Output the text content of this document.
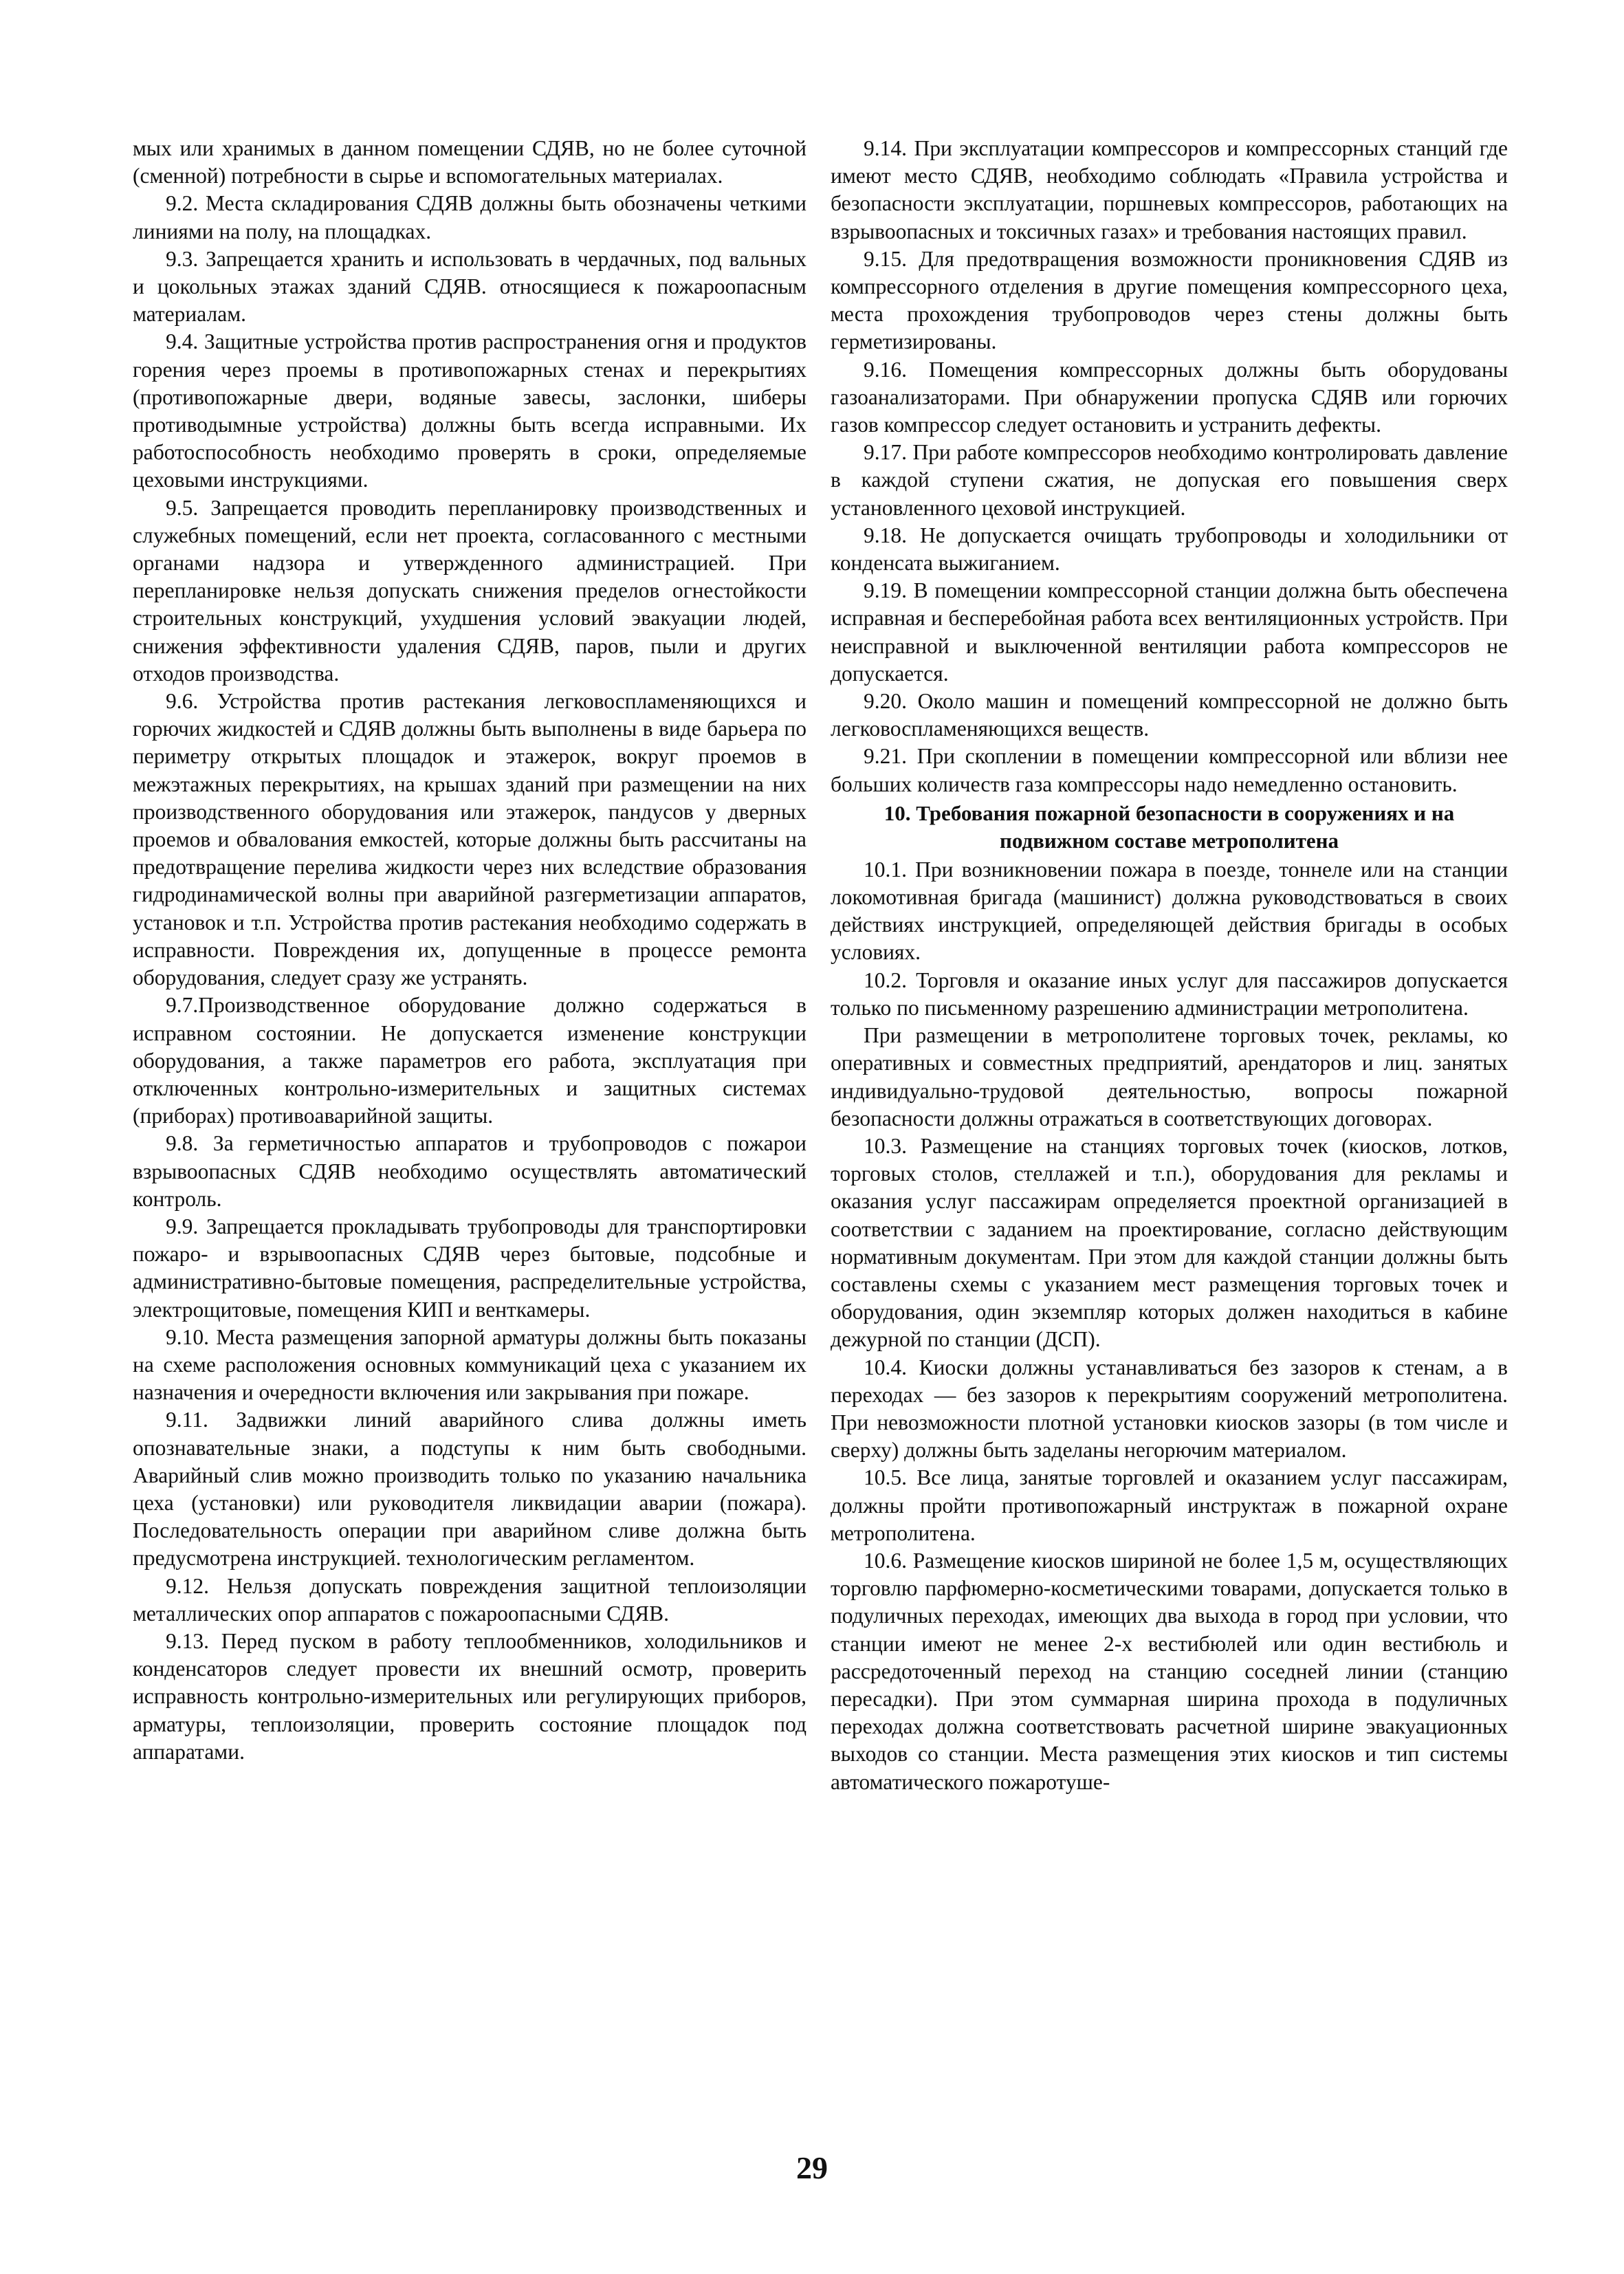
мых или хранимых в данном помещении СДЯВ, но не более суточной (сменной) потребности в сырье и вспомогательных материалах.

9.2. Места складирования СДЯВ должны быть обозначены четкими линиями на полу, на площадках.

9.3. Запрещается хранить и использовать в чердачных, под вальных и цокольных этажах зданий СДЯВ. относящиеся к пожароопасным материалам.

9.4. Защитные устройства против распространения огня и продуктов горения через проемы в противопожарных стенах и перекрытиях (противопожарные двери, водяные завесы, заслонки, шиберы противодымные устройства) должны быть всегда исправными. Их работоспособность необходимо проверять в сроки, определяемые цеховыми инструкциями.

9.5. Запрещается проводить перепланировку производственных и служебных помещений, если нет проекта, согласованного с местными органами надзора и утвержденного администрацией. При перепланировке нельзя допускать снижения пределов огнестойкости строительных конструкций, ухудшения условий эвакуации людей, снижения эффективности удаления СДЯВ, паров, пыли и других отходов производства.

9.6. Устройства против растекания легковоспламеняющихся и горючих жидкостей и СДЯВ должны быть выполнены в виде барьера по периметру открытых площадок и этажерок, вокруг проемов в межэтажных перекрытиях, на крышах зданий при размещении на них производственного оборудования или этажерок, пандусов у дверных проемов и обвалования емкостей, которые должны быть рассчитаны на предотвращение перелива жидкости через них вследствие образования гидродинамической волны при аварийной разгерметизации аппаратов, установок и т.п. Устройства против растекания необходимо содержать в исправности. Повреждения их, допущенные в процессе ремонта оборудования, следует сразу же устранять.

9.7.Производственное оборудование должно содержаться в исправном состоянии. Не допускается изменение конструкции оборудования, а также параметров его работа, эксплуатация при отключенных контрольно-измерительных и защитных системах (приборах) противоаварийной защиты.

9.8. За герметичностью аппаратов и трубопроводов с пожарои взрывоопасных СДЯВ необходимо осуществлять автоматический контроль.

9.9. Запрещается прокладывать трубопроводы для транспортировки пожаро- и взрывоопасных СДЯВ через бытовые, подсобные и административно-бытовые помещения, распределительные устройства, электрощитовые, помещения КИП и венткамеры.

9.10. Места размещения запорной арматуры должны быть показаны на схеме расположения основных коммуникаций цеха с указанием их назначения и очередности включения или закрывания при пожаре.

9.11. Задвижки линий аварийного слива должны иметь опознавательные знаки, а подступы к ним быть свободными. Аварийный слив можно производить только по указанию начальника цеха (установки) или руководителя ликвидации аварии (пожара). Последовательность операции при аварийном сливе должна быть предусмотрена инструкцией. технологическим регламентом.

9.12. Нельзя допускать повреждения защитной теплоизоляции металлических опор аппаратов с пожароопасными СДЯВ.

9.13. Перед пуском в работу теплообменников, холодильников и конденсаторов следует провести их внешний осмотр, проверить исправность контрольно-измерительных или регулирующих приборов, арматуры, теплоизоляции, проверить состояние площадок под аппаратами.

9.14. При эксплуатации компрессоров и компрессорных станций где имеют место СДЯВ, необходимо соблюдать «Правила устройства и безопасности эксплуатации, поршневых компрессоров, работающих на взрывоопасных и токсичных газах» и требования настоящих правил.

9.15. Для предотвращения возможности проникновения СДЯВ из компрессорного отделения в другие помещения компрессорного цеха, места прохождения трубопроводов через стены должны быть герметизированы.

9.16. Помещения компрессорных должны быть оборудованы газоанализаторами. При обнаружении пропуска СДЯВ или горючих газов компрессор следует остановить и устранить дефекты.

9.17. При работе компрессоров необходимо контролировать давление в каждой ступени сжатия, не допуская его повышения сверх установленного цеховой инструкцией.

9.18. Не допускается очищать трубопроводы и холодильники от конденсата выжиганием.

9.19. В помещении компрессорной станции должна быть обеспечена исправная и бесперебойная работа всех вентиляционных устройств. При неисправной и выключенной вентиляции работа компрессоров не допускается.

9.20. Около машин и помещений компрессорной не должно быть легковоспламеняющихся веществ.

9.21. При скоплении в помещении компрессорной или вблизи нее больших количеств газа компрессоры надо немедленно остановить.

10. Требования пожарной безопасности в сооружениях и на подвижном составе метрополитена

10.1. При возникновении пожара в поезде, тоннеле или на станции локомотивная бригада (машинист) должна руководствоваться в своих действиях инструкцией, определяющей действия бригады в особых условиях.

10.2. Торговля и оказание иных услуг для пассажиров допускается только по письменному разрешению администрации метрополитена.

При размещении в метрополитене торговых точек, рекламы, ко оперативных и совместных предприятий, арендаторов и лиц. занятых индивидуально-трудовой деятельностью, вопросы пожарной безопасности должны отражаться в соответствующих договорах.

10.3. Размещение на станциях торговых точек (киосков, лотков, торговых столов, стеллажей и т.п.), оборудования для рекламы и оказания услуг пассажирам определяется проектной организацией в соответствии с заданием на проектирование, согласно действующим нормативным документам. При этом для каждой станции должны быть составлены схемы с указанием мест размещения торговых точек и оборудования, один экземпляр которых должен находиться в кабине дежурной по станции (ДСП).

10.4. Киоски должны устанавливаться без зазоров к стенам, а в переходах — без зазоров к перекрытиям сооружений метрополитена. При невозможности плотной установки киосков зазоры (в том числе и сверху) должны быть заделаны негорючим материалом.

10.5. Все лица, занятые торговлей и оказанием услуг пассажирам, должны пройти противопожарный инструктаж в пожарной охране метрополитена.

10.6. Размещение киосков шириной не более 1,5 м, осуществляющих торговлю парфюмерно-косметическими товарами, допускается только в подуличных переходах, имеющих два выхода в город при условии, что станции имеют не менее 2-х вестибюлей или один вестибюль и рассредоточенный переход на станцию соседней линии (станцию пересадки). При этом суммарная ширина прохода в подуличных переходах должна соответствовать расчетной ширине эвакуационных выходов со станции. Места размещения этих киосков и тип системы автоматического пожаротуше-

29
